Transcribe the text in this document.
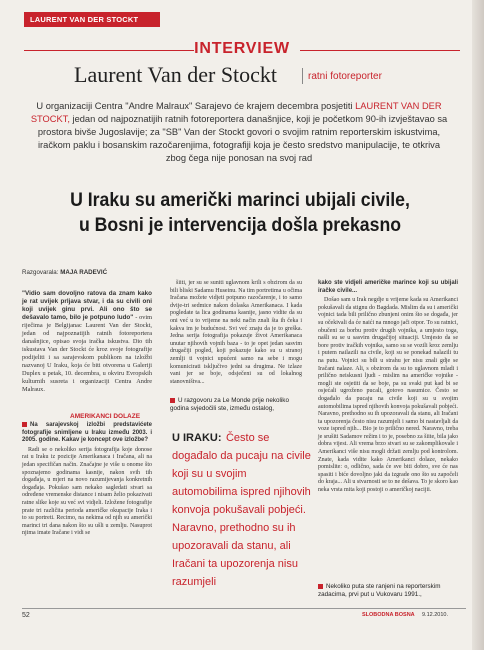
LAURENT VAN DER STOCKT
INTERVIEW
Laurent Van der Stockt	ratni fotoreporter
U organizaciji Centra "Andre Malraux" Sarajevo će krajem decembra posjetiti LAURENT VAN DER STOCKT, jedan od najpoznatijih ratnih fotoreportera današnjice, koji je početkom 90-ih izvještavao sa prostora bivše Jugoslavije; za "SB" Van der Stockt govori o svojim ratnim reporterskim iskustvima, iračkom paklu i bosanskim razočarenjima, fotografiji koja je često sredstvo manipulacije, te otkriva zbog čega nije ponosan na svoj rad
U Iraku su američki marinci ubijali civile,
u Bosni je intervencija došla prekasno
Razgovarala: MAJA RADEVIĆ

"Vidio sam dovoljno ratova da znam kako je rat uvijek prljava stvar, i da su civili oni koji uvijek ginu prvi. Ali ono što se dešavalo tamo, bilo je potpuno ludo" - ovim riječima je Belgijanac Laurent Van der Stockt, jedan od najpoznatijih ratnih fotoreportera današnjice, opisao svoja iračka iskustva. Dio tih iskustava Van der Stockt će kroz svoje fotografije podijeliti i sa sarajevskom publikom na izložbi nazvanoj U Iraku, koja će biti otvorena u Galeriji Duplex u petak, 10. decembra, u okviru Evropskih kulturnih susreta i organizaciji Centra Andre Malraux.

AMERIKANCI DOLAZE

Na sarajevskoj izložbi predstavićete fotografije snimljene u Iraku između 2003. i 2005. godine. Kakav je koncept ove izložbe?

Radi se o nekoliko serija fotografija koje donose rat u Iraku iz pozicije Amerikanaca i Iračana, ali na jedan specifičan način. Značajne je više u onome što spoznajemo godinama kasnije, nakon svih tih događaja, u mjeri na novo razumijevanja konkretnih događaja. Pokušao sam nekako sagledati stvari sa određene vremenske distance i nisam želio pokazivati ratne slike koje su već svi vidjeli. Izložene fotografije prate tri različita perioda američke okupacije Iraka i to su portreti. Recimo, na nekima od njih su američki marinci tri dana nakon što su ušli u zemlju. Nasuprot njima imate Iračane i vidi se

šiiti, jer su se suniti uglavnom krili s obzirom da su bili bliski Sadamu Huseinu. Na tim portretima u očima Iračana možete vidjeti potpuno razočarenje, i to samo dvije-tri sedmice nakon dolaska Amerikanaca. I kada pogledate ta lica godinama kasnije, jasno vidite da su oni već u to vrijeme na neki način znali šta ih čeka i kakva im je budućnost. Svi već znaju da je to greška. Jedna serija fotografija pokazuje život Amerikanaca unutar njihovih vojnih baza - to je opet jedan sasvim drugačiji pogled, koji pokazuje kako su u stranoj zemlji ti vojnici upućeni samo na sebe i mogu komunicirati isključivo jedni sa drugima. Ne izlaze vani jer se boje, odsječeni su od lokalnog stanovništva...

U razgovoru za Le Monde prije nekoliko godina svjedočili ste, između ostalog,
U IRAKU: Često se događalo da pucaju na civile koji su u svojim automobilima ispred njihovih konvoja pokušavali pobjeći. Naravno, prethodno su ih upozoravali da stanu, ali Iračani ta upozorenja nisu razumjeli

kako ste vidjeli američke marince koji su ubijali iračke civile...

Došao sam u Irak negdje u vrijeme kada su Amerikanci pokušavali da stignu do Bagdada. Mislim da su i američki vojnici tada bili prilično zbunjeni onim što se događa, jer su očekivali da će naići na mnogo jači otpor. To su ratnici, obučeni za borbu protiv drugih vojnika, a umjesto toga, našli su se u sasvim drugačijoj situaciji. Umjesto da se bore protiv iračkih vojnika, samo su se vozili kroz zemlju i putem nailazili na civile, koji su se ponekad nalazili tu na putu. Vojnici su bili u strahu jer nisu znali gdje se Iračani nalaze. Ali, s obzirom da su to uglavnom mladi i prilično neiskusni ljudi - mislim na američke vojnike - mogli ste osjetiti da se boje, pa su svaki put kad bi se osjećali ugroženo pucali, gotovo nasumice. Često se događalo da pucaju na civile koji su u svojim automobilima ispred njihovih konvoja pokušavali pobjeći. Naravno, prethodno su ih upozoravali da stanu, ali Iračani ta upozorenja često nisu razumjeli i samo bi nastavljali da voze ispred njih... Bio je to prilično nered. Naravno, treba je srušiti Sadamov režim i to je, posebno za šiite, bila jako dobra vijest. Ali vrema brzo stvari su se zakomplikovale i Amerikanci više nisu mogli držati zemlju pod kontrolom. Znate, kada vidite kako Amerikanci dolaze, nekako pomislite: o, odlično, sada će sve biti dobro, sve će nas spasiti i biće dovoljno jaki da izgrade ono što su započeli do kraja... Ali u stvarnosti se to ne dešava. To je skoro kao neka vrsta mita koji postoji o američkoj nacijii.

Nekoliko puta ste ranjeni na reporterskim zadacima, prvi put u Vukovaru 1991.,
52	SLOBODNA BOSNA 9.12.2010.
